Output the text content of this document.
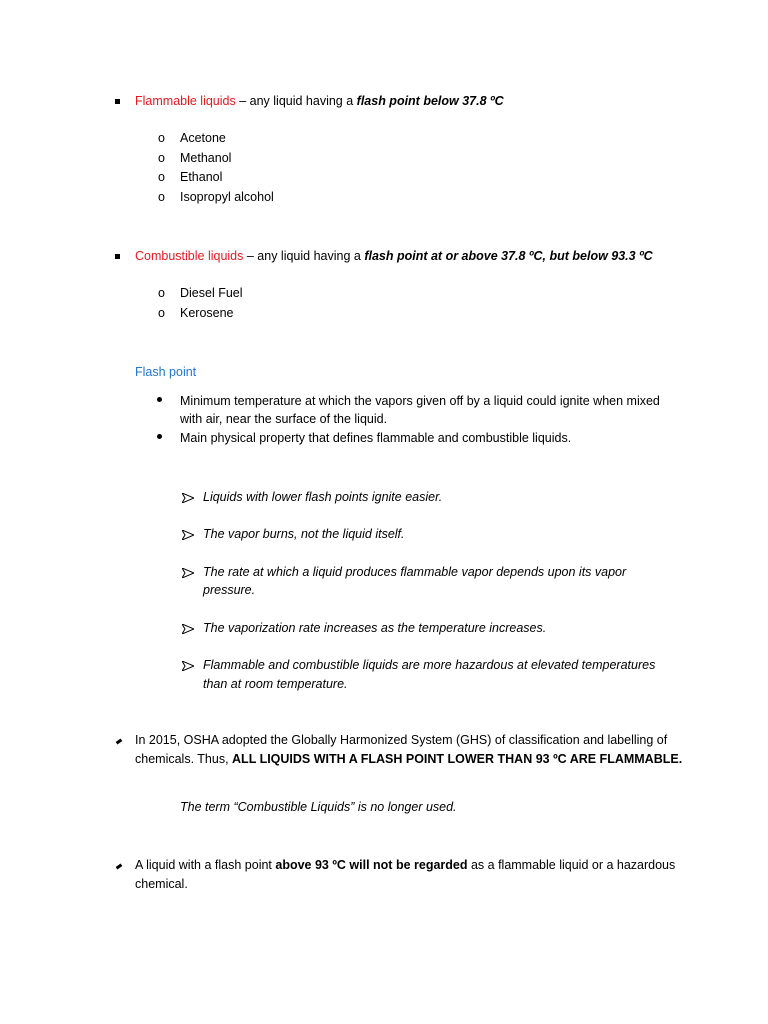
Flammable liquids – any liquid having a flash point below 37.8 ºC
o Acetone
o Methanol
o Ethanol
o Isopropyl alcohol
Combustible liquids – any liquid having a flash point at or above 37.8 ºC, but below 93.3 ºC
o Diesel Fuel
o Kerosene
Flash point
Minimum temperature at which the vapors given off by a liquid could ignite when mixed
with air, near the surface of the liquid.
Main physical property that defines flammable and combustible liquids.
Liquids with lower flash points ignite easier.
The vapor burns, not the liquid itself.
The rate at which a liquid produces flammable vapor depends upon its vapor
pressure.
The vaporization rate increases as the temperature increases.
Flammable and combustible liquids are more hazardous at elevated temperatures
than at room temperature.
In 2015, OSHA adopted the Globally Harmonized System (GHS) of classification and labelling of
chemicals. Thus, ALL LIQUIDS WITH A FLASH POINT LOWER THAN 93 ºC ARE FLAMMABLE.
The term “Combustible Liquids” is no longer used.
A liquid with a flash point above 93 ºC will not be regarded as a flammable liquid or a hazardous
chemical.
